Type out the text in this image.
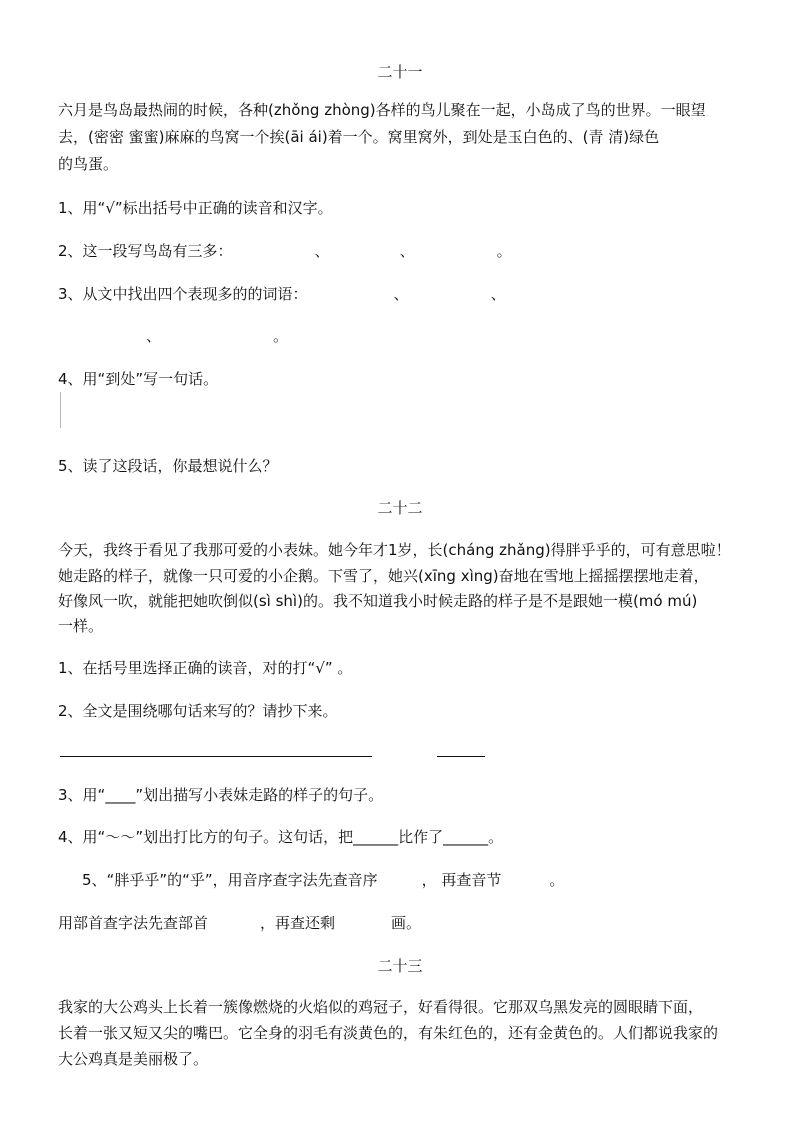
二十一
六月是鸟岛最热闹的时候，各种(zhǒng zhòng)各样的鸟儿聚在一起，小岛成了鸟的世界。一眼望
去，(密密 蜜蜜)麻麻的鸟窝一个挨(āi ái)着一个。窝里窝外，到处是玉白色的、(青 清)绿色
的鸟蛋。
1、用“√”标出括号中正确的读音和汉字。
2、这一段写鸟岛有三多：	、	、	。
3、从文中找出四个表现多的的词语：	、	、
、	。
4、用“到处”写一句话。
5、读了这段话，你最想说什么？
二十二
今天，我终于看见了我那可爱的小表妹。她今年才1岁，长(cháng zhǎng)得胖乎乎的，可有意思啦！
她走路的样子，就像一只可爱的小企鹅。下雪了，她兴(xīng xìng)奋地在雪地上摇摇摆摆地走着，
好像风一吹，就能把她吹倒似(sì shì)的。我不知道我小时候走路的样子是不是跟她一模(mó mú)
一样。
1、在括号里选择正确的读音，对的打“√” 。
2、全文是围绕哪句话来写的？请抄下来。
3、用“____”划出描写小表妹走路的样子的句子。
4、用“～～”划出打比方的句子。这句话，把______比作了______。
5、“胖乎乎”的“乎”，用音序查字法先查音序	， 再查音节	。
用部首查字法先查部首	，再查还剩	画。
二十三
我家的大公鸡头上长着一簇像燃烧的火焰似的鸡冠子，好看得很。它那双乌黑发亮的圆眼睛下面，
长着一张又短又尖的嘴巴。它全身的羽毛有淡黄色的，有朱红色的，还有金黄色的。人们都说我家的
大公鸡真是美丽极了。
